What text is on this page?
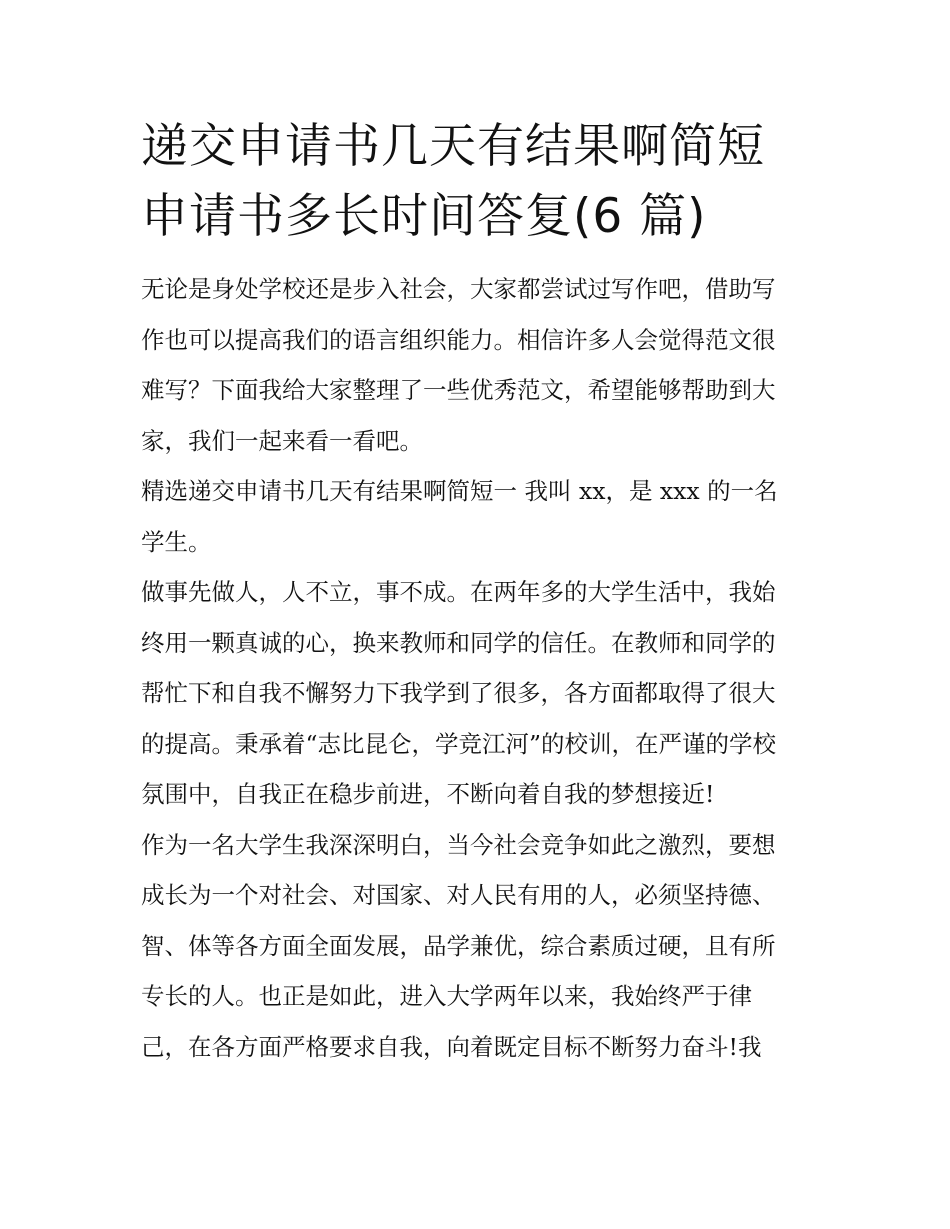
递交申请书几天有结果啊简短
申请书多长时间答复(6 篇)

无论是身处学校还是步入社会，大家都尝试过写作吧，借助写
作也可以提高我们的语言组织能力。相信许多人会觉得范文很
难写？下面我给大家整理了一些优秀范文，希望能够帮助到大
家，我们一起来看一看吧。

精选递交申请书几天有结果啊简短一 我叫 xx，是 xxx 的一名
学生。

做事先做人，人不立，事不成。在两年多的大学生活中，我始
终用一颗真诚的心，换来教师和同学的信任。在教师和同学的
帮忙下和自我不懈努力下我学到了很多，各方面都取得了很大
的提高。秉承着“志比昆仑，学竞江河”的校训，在严谨的学校
氛围中，自我正在稳步前进，不断向着自我的梦想接近!

作为一名大学生我深深明白，当今社会竞争如此之激烈，要想
成长为一个对社会、对国家、对人民有用的人，必须坚持德、
智、体等各方面全面发展，品学兼优，综合素质过硬，且有所
专长的人。也正是如此，进入大学两年以来，我始终严于律
己，在各方面严格要求自我，向着既定目标不断努力奋斗!我
